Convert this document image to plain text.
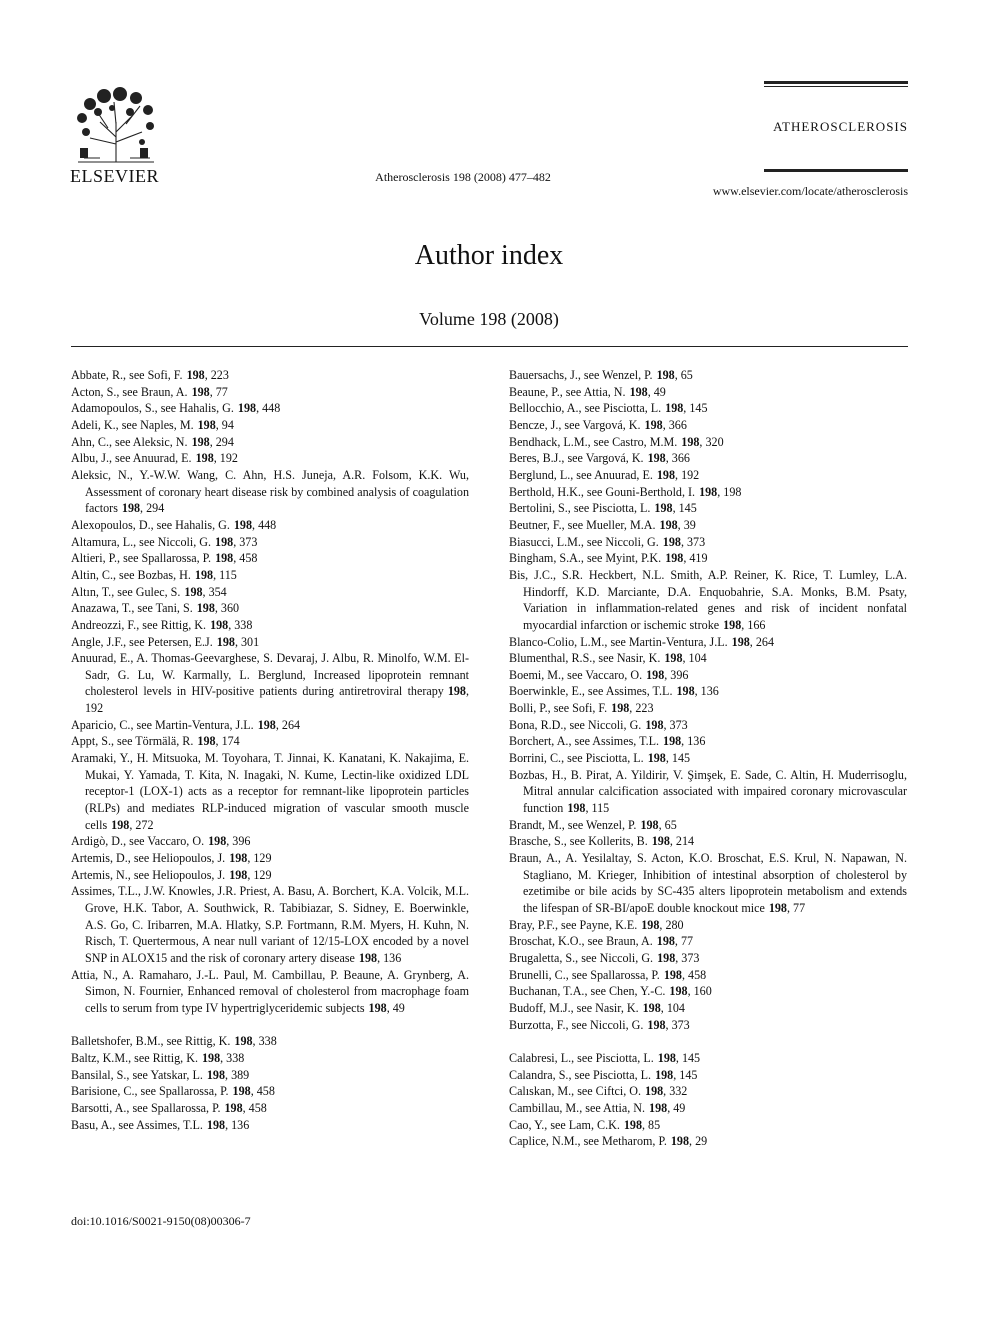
ELSEVIER	Atherosclerosis 198 (2008) 477–482
ATHEROSCLEROSIS
www.elsevier.com/locate/atherosclerosis
Author index
Volume 198 (2008)
Abbate, R., see Sofi, F. 198, 223
Acton, S., see Braun, A. 198, 77
Adamopoulos, S., see Hahalis, G. 198, 448
Adeli, K., see Naples, M. 198, 94
Ahn, C., see Aleksic, N. 198, 294
Albu, J., see Anuurad, E. 198, 192
Aleksic, N., Y.-W.W. Wang, C. Ahn, H.S. Juneja, A.R. Folsom, K.K. Wu, Assessment of coronary heart disease risk by combined analysis of coagulation factors 198, 294
Alexopoulos, D., see Hahalis, G. 198, 448
Altamura, L., see Niccoli, G. 198, 373
Altieri, P., see Spallarossa, P. 198, 458
Altin, C., see Bozbas, H. 198, 115
Altın, T., see Gulec, S. 198, 354
Anazawa, T., see Tani, S. 198, 360
Andreozzi, F., see Rittig, K. 198, 338
Angle, J.F., see Petersen, E.J. 198, 301
Anuurad, E., A. Thomas-Geevarghese, S. Devaraj, J. Albu, R. Minolfo, W.M. El-Sadr, G. Lu, W. Karmally, L. Berglund, Increased lipoprotein remnant cholesterol levels in HIV-positive patients during antiretroviral therapy 198, 192
Aparicio, C., see Martin-Ventura, J.L. 198, 264
Appt, S., see Törmälä, R. 198, 174
Aramaki, Y., H. Mitsuoka, M. Toyohara, T. Jinnai, K. Kanatani, K. Nakajima, E. Mukai, Y. Yamada, T. Kita, N. Inagaki, N. Kume, Lectin-like oxidized LDL receptor-1 (LOX-1) acts as a receptor for remnant-like lipoprotein particles (RLPs) and mediates RLP-induced migration of vascular smooth muscle cells 198, 272
Ardigò, D., see Vaccaro, O. 198, 396
Artemis, D., see Heliopoulos, J. 198, 129
Artemis, N., see Heliopoulos, J. 198, 129
Assimes, T.L., J.W. Knowles, J.R. Priest, A. Basu, A. Borchert, K.A. Volcik, M.L. Grove, H.K. Tabor, A. Southwick, R. Tabibiazar, S. Sidney, E. Boerwinkle, A.S. Go, C. Iribarren, M.A. Hlatky, S.P. Fortmann, R.M. Myers, H. Kuhn, N. Risch, T. Quertermous, A near null variant of 12/15-LOX encoded by a novel SNP in ALOX15 and the risk of coronary artery disease 198, 136
Attia, N., A. Ramaharo, J.-L. Paul, M. Cambillau, P. Beaune, A. Grynberg, A. Simon, N. Fournier, Enhanced removal of cholesterol from macrophage foam cells to serum from type IV hypertriglyceridemic subjects 198, 49
Balletshofer, B.M., see Rittig, K. 198, 338
Baltz, K.M., see Rittig, K. 198, 338
Bansilal, S., see Yatskar, L. 198, 389
Barisione, C., see Spallarossa, P. 198, 458
Barsotti, A., see Spallarossa, P. 198, 458
Basu, A., see Assimes, T.L. 198, 136
Bauersachs, J., see Wenzel, P. 198, 65
Beaune, P., see Attia, N. 198, 49
Bellocchio, A., see Pisciotta, L. 198, 145
Bencze, J., see Vargová, K. 198, 366
Bendhack, L.M., see Castro, M.M. 198, 320
Beres, B.J., see Vargová, K. 198, 366
Berglund, L., see Anuurad, E. 198, 192
Berthold, H.K., see Gouni-Berthold, I. 198, 198
Bertolini, S., see Pisciotta, L. 198, 145
Beutner, F., see Mueller, M.A. 198, 39
Biasucci, L.M., see Niccoli, G. 198, 373
Bingham, S.A., see Myint, P.K. 198, 419
Bis, J.C., S.R. Heckbert, N.L. Smith, A.P. Reiner, K. Rice, T. Lumley, L.A. Hindorff, K.D. Marciante, D.A. Enquobahrie, S.A. Monks, B.M. Psaty, Variation in inflammation-related genes and risk of incident nonfatal myocardial infarction or ischemic stroke 198, 166
Blanco-Colio, L.M., see Martin-Ventura, J.L. 198, 264
Blumenthal, R.S., see Nasir, K. 198, 104
Boemi, M., see Vaccaro, O. 198, 396
Boerwinkle, E., see Assimes, T.L. 198, 136
Bolli, P., see Sofi, F. 198, 223
Bona, R.D., see Niccoli, G. 198, 373
Borchert, A., see Assimes, T.L. 198, 136
Borrini, C., see Pisciotta, L. 198, 145
Bozbas, H., B. Pirat, A. Yildirir, V. Şimşek, E. Sade, C. Altin, H. Muderrisoglu, Mitral annular calcification associated with impaired coronary microvascular function 198, 115
Brandt, M., see Wenzel, P. 198, 65
Brasche, S., see Kollerits, B. 198, 214
Braun, A., A. Yesilaltay, S. Acton, K.O. Broschat, E.S. Krul, N. Napawan, N. Stagliano, M. Krieger, Inhibition of intestinal absorption of cholesterol by ezetimibe or bile acids by SC-435 alters lipoprotein metabolism and extends the lifespan of SR-BI/apoE double knockout mice 198, 77
Bray, P.F., see Payne, K.E. 198, 280
Broschat, K.O., see Braun, A. 198, 77
Brugaletta, S., see Niccoli, G. 198, 373
Brunelli, C., see Spallarossa, P. 198, 458
Buchanan, T.A., see Chen, Y.-C. 198, 160
Budoff, M.J., see Nasir, K. 198, 104
Burzotta, F., see Niccoli, G. 198, 373
Calabresi, L., see Pisciotta, L. 198, 145
Calandra, S., see Pisciotta, L. 198, 145
Calıskan, M., see Ciftci, O. 198, 332
Cambillau, M., see Attia, N. 198, 49
Cao, Y., see Lam, C.K. 198, 85
Caplice, N.M., see Metharom, P. 198, 29
doi:10.1016/S0021-9150(08)00306-7
